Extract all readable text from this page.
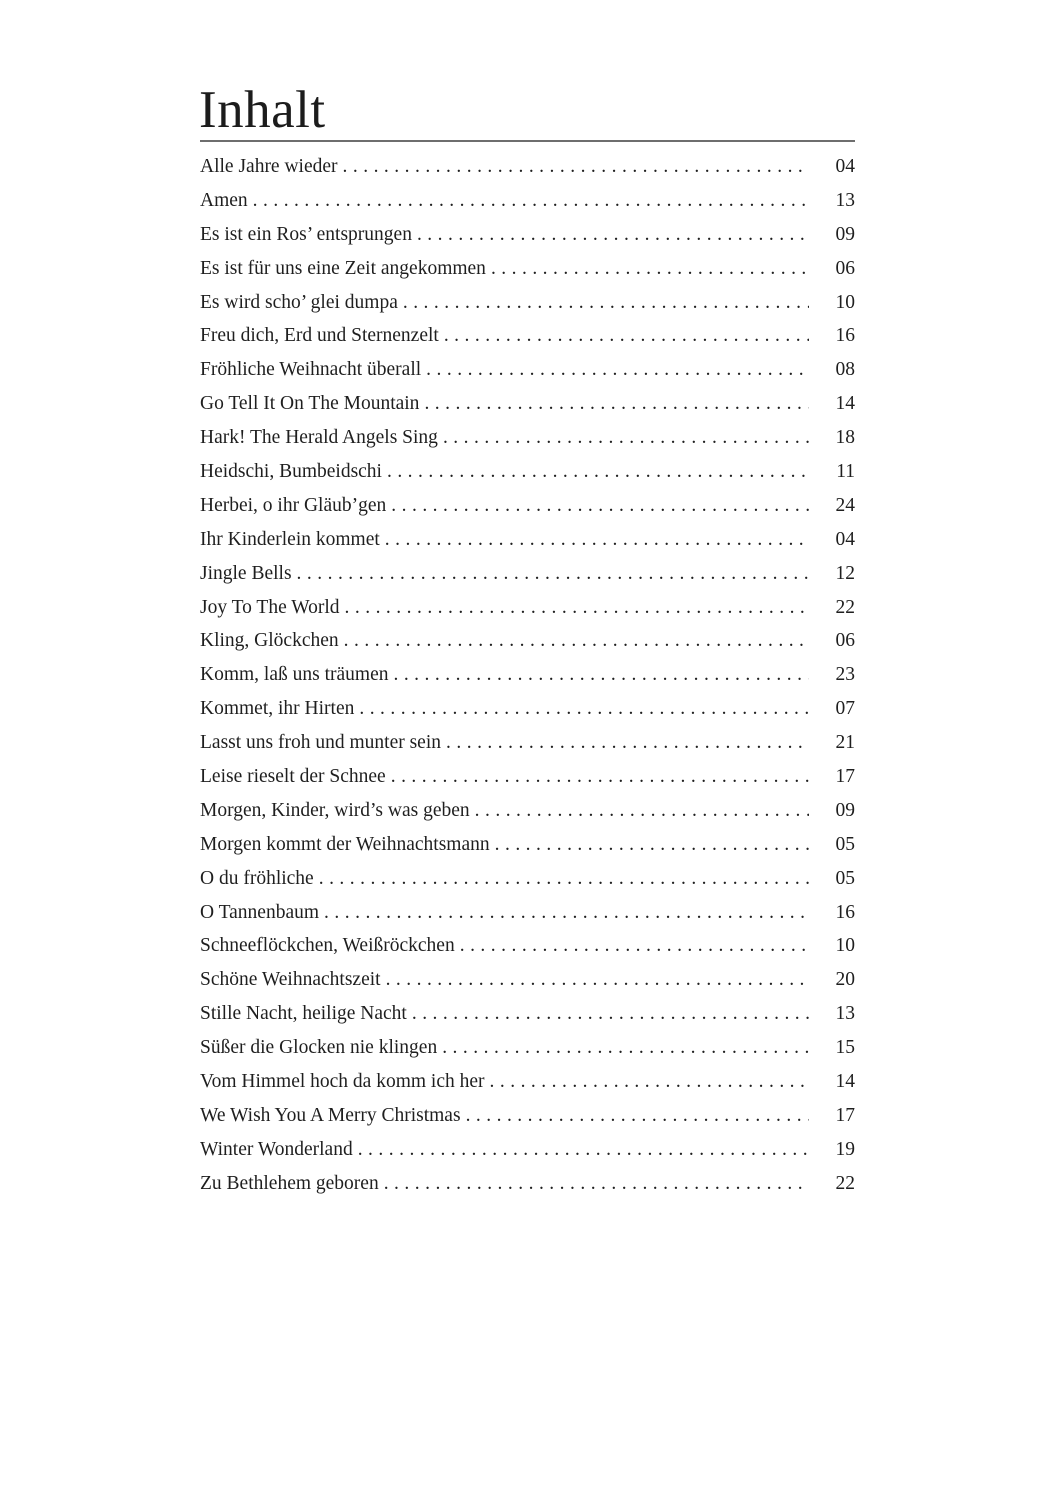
Inhalt
Alle Jahre wieder . . .	04
Amen . . .	13
Es ist ein Ros’ entsprungen . . .	09
Es ist für uns eine Zeit angekommen . . .	06
Es wird scho’ glei dumpa . . .	10
Freu dich, Erd und Sternenzelt . . .	16
Fröhliche Weihnacht überall . . .	08
Go Tell It On The Mountain . . .	14
Hark! The Herald Angels Sing . . .	18
Heidschi, Bumbeidschi . . .	11
Herbei, o ihr Gläub’gen . . .	24
Ihr Kinderlein kommet . . .	04
Jingle Bells . . .	12
Joy To The World . . .	22
Kling, Glöckchen . . .	06
Komm, laß uns träumen . . .	23
Kommet, ihr Hirten . . .	07
Lasst uns froh und munter sein . . .	21
Leise rieselt der Schnee . . .	17
Morgen, Kinder, wird’s was geben . . .	09
Morgen kommt der Weihnachtsmann . . .	05
O du fröhliche . . .	05
O Tannenbaum . . .	16
Schneeflöckchen, Weißröckchen . . .	10
Schöne Weihnachtszeit . . .	20
Stille Nacht, heilige Nacht . . .	13
Süßer die Glocken nie klingen . . .	15
Vom Himmel hoch da komm ich her . . .	14
We Wish You A Merry Christmas . . .	17
Winter Wonderland . . .	19
Zu Bethlehem geboren . . .	22
